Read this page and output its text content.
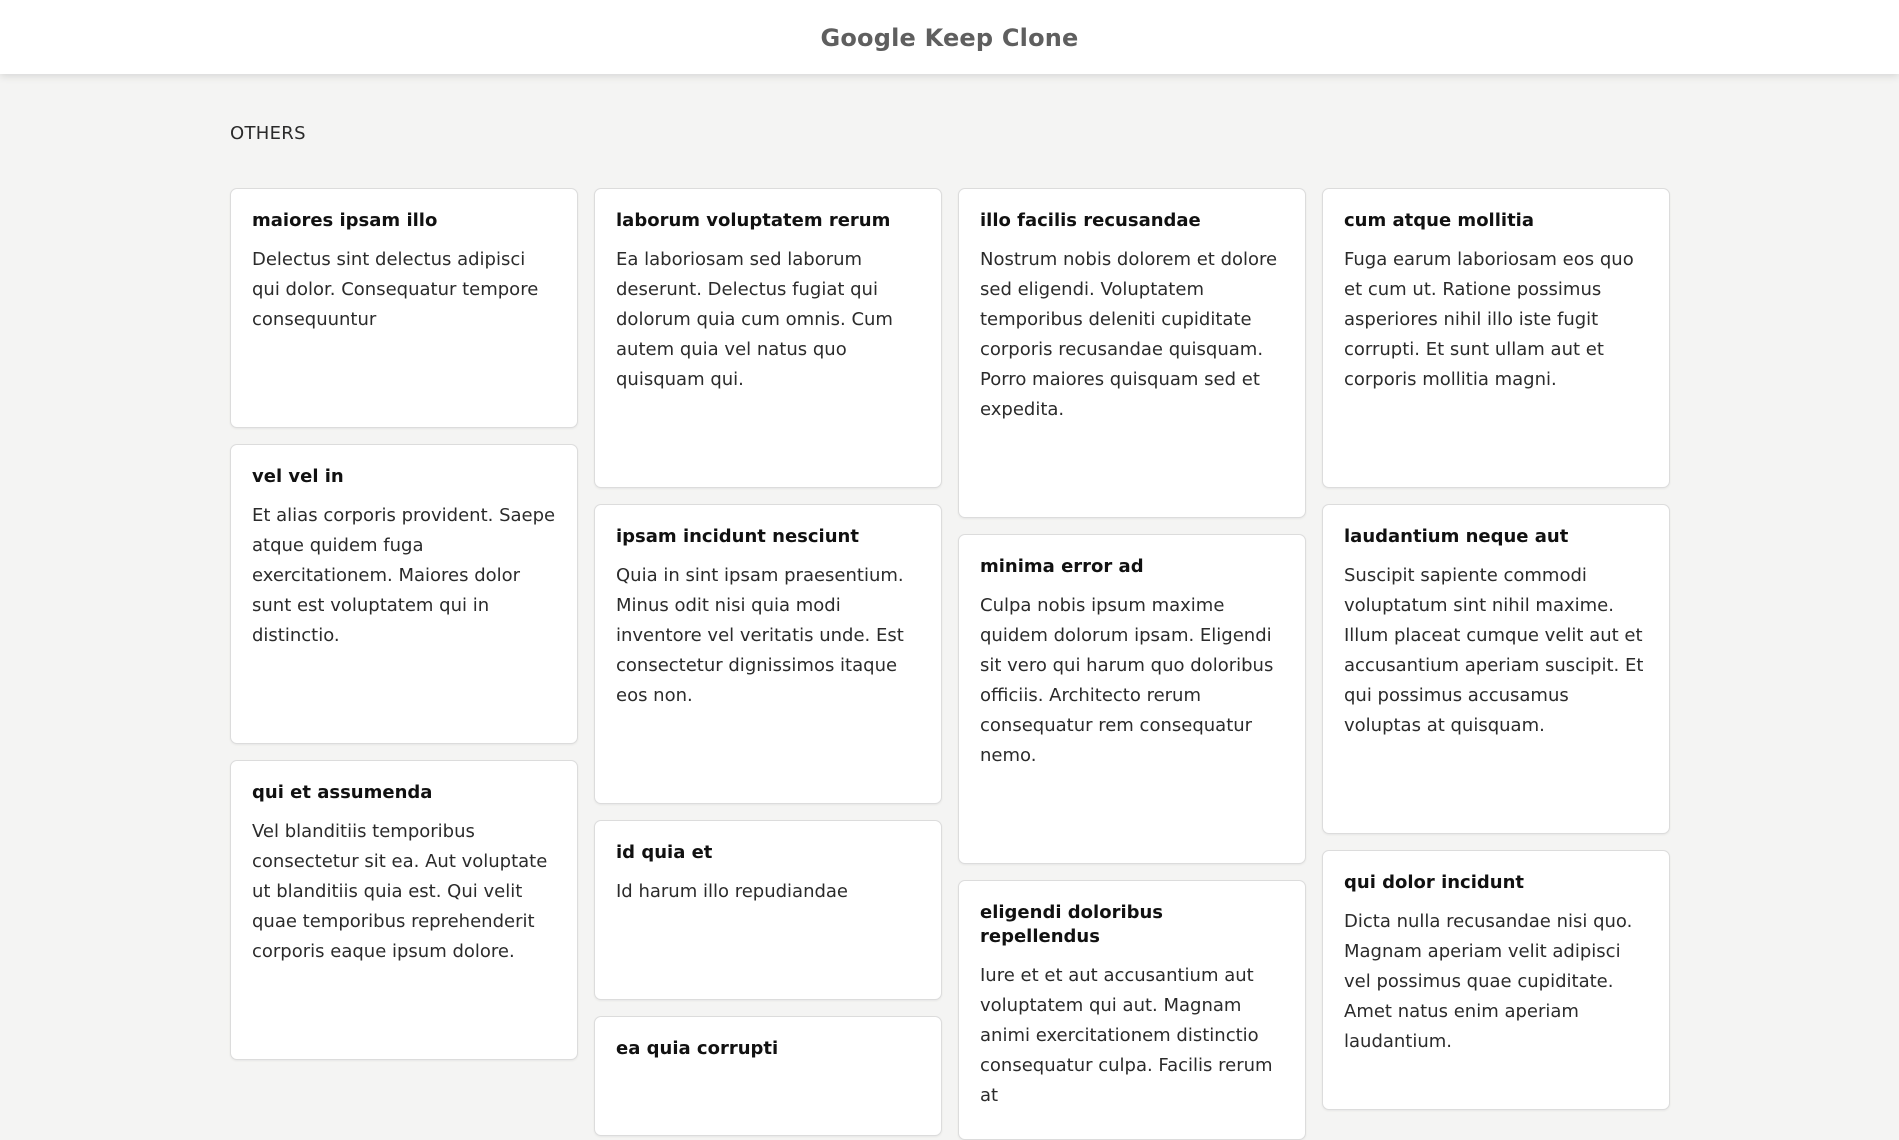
Google Keep Clone
OTHERS
maiores ipsam illo
Delectus sint delectus adipisci qui dolor. Consequatur tempore consequuntur
vel vel in
Et alias corporis provident. Saepe atque quidem fuga exercitationem. Maiores dolor sunt est voluptatem qui in distinctio.
qui et assumenda
Vel blanditiis temporibus consectetur sit ea. Aut voluptate ut blanditiis quia est. Qui velit quae temporibus reprehenderit corporis eaque ipsum dolore.
laborum voluptatem rerum
Ea laboriosam sed laborum deserunt. Delectus fugiat qui dolorum quia cum omnis. Cum autem quia vel natus quo quisquam qui.
ipsam incidunt nesciunt
Quia in sint ipsam praesentium. Minus odit nisi quia modi inventore vel veritatis unde. Est consectetur dignissimos itaque eos non.
id quia et
Id harum illo repudiandae
ea quia corrupti
illo facilis recusandae
Nostrum nobis dolorem et dolore sed eligendi. Voluptatem temporibus deleniti cupiditate corporis recusandae quisquam. Porro maiores quisquam sed et expedita.
minima error ad
Culpa nobis ipsum maxime quidem dolorum ipsam. Eligendi sit vero qui harum quo doloribus officiis. Architecto rerum consequatur rem consequatur nemo.
eligendi doloribus repellendus
Iure et et aut accusantium aut voluptatem qui aut. Magnam animi exercitationem distinctio consequatur culpa. Facilis rerum at
cum atque mollitia
Fuga earum laboriosam eos quo et cum ut. Ratione possimus asperiores nihil illo iste fugit corrupti. Et sunt ullam aut et corporis mollitia magni.
laudantium neque aut
Suscipit sapiente commodi voluptatum sint nihil maxime. Illum placeat cumque velit aut et accusantium aperiam suscipit. Et qui possimus accusamus voluptas at quisquam.
qui dolor incidunt
Dicta nulla recusandae nisi quo. Magnam aperiam velit adipisci vel possimus quae cupiditate. Amet natus enim aperiam laudantium.
